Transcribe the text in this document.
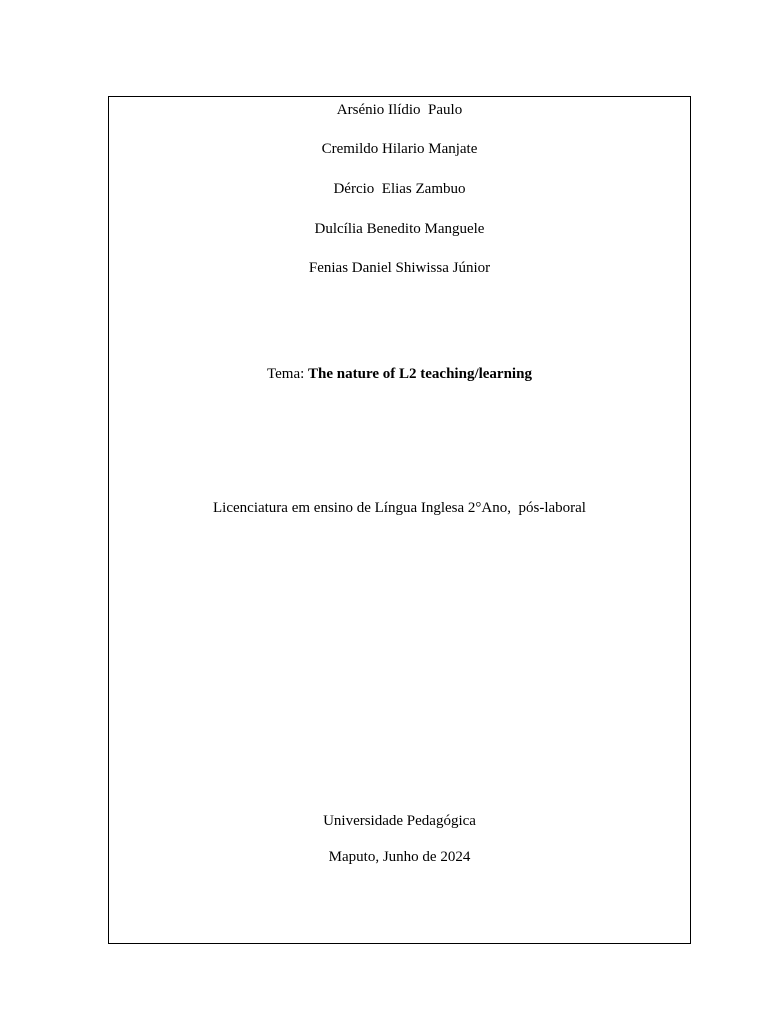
Arsénio Ilídio  Paulo
Cremildo Hilario Manjate
Dércio  Elias Zambuo
Dulcília Benedito Manguele
Fenias Daniel Shiwissa Júnior
Tema: The nature of L2 teaching/learning
Licenciatura em ensino de Língua Inglesa 2°Ano,  pós-laboral
Universidade Pedagógica
Maputo, Junho de 2024
